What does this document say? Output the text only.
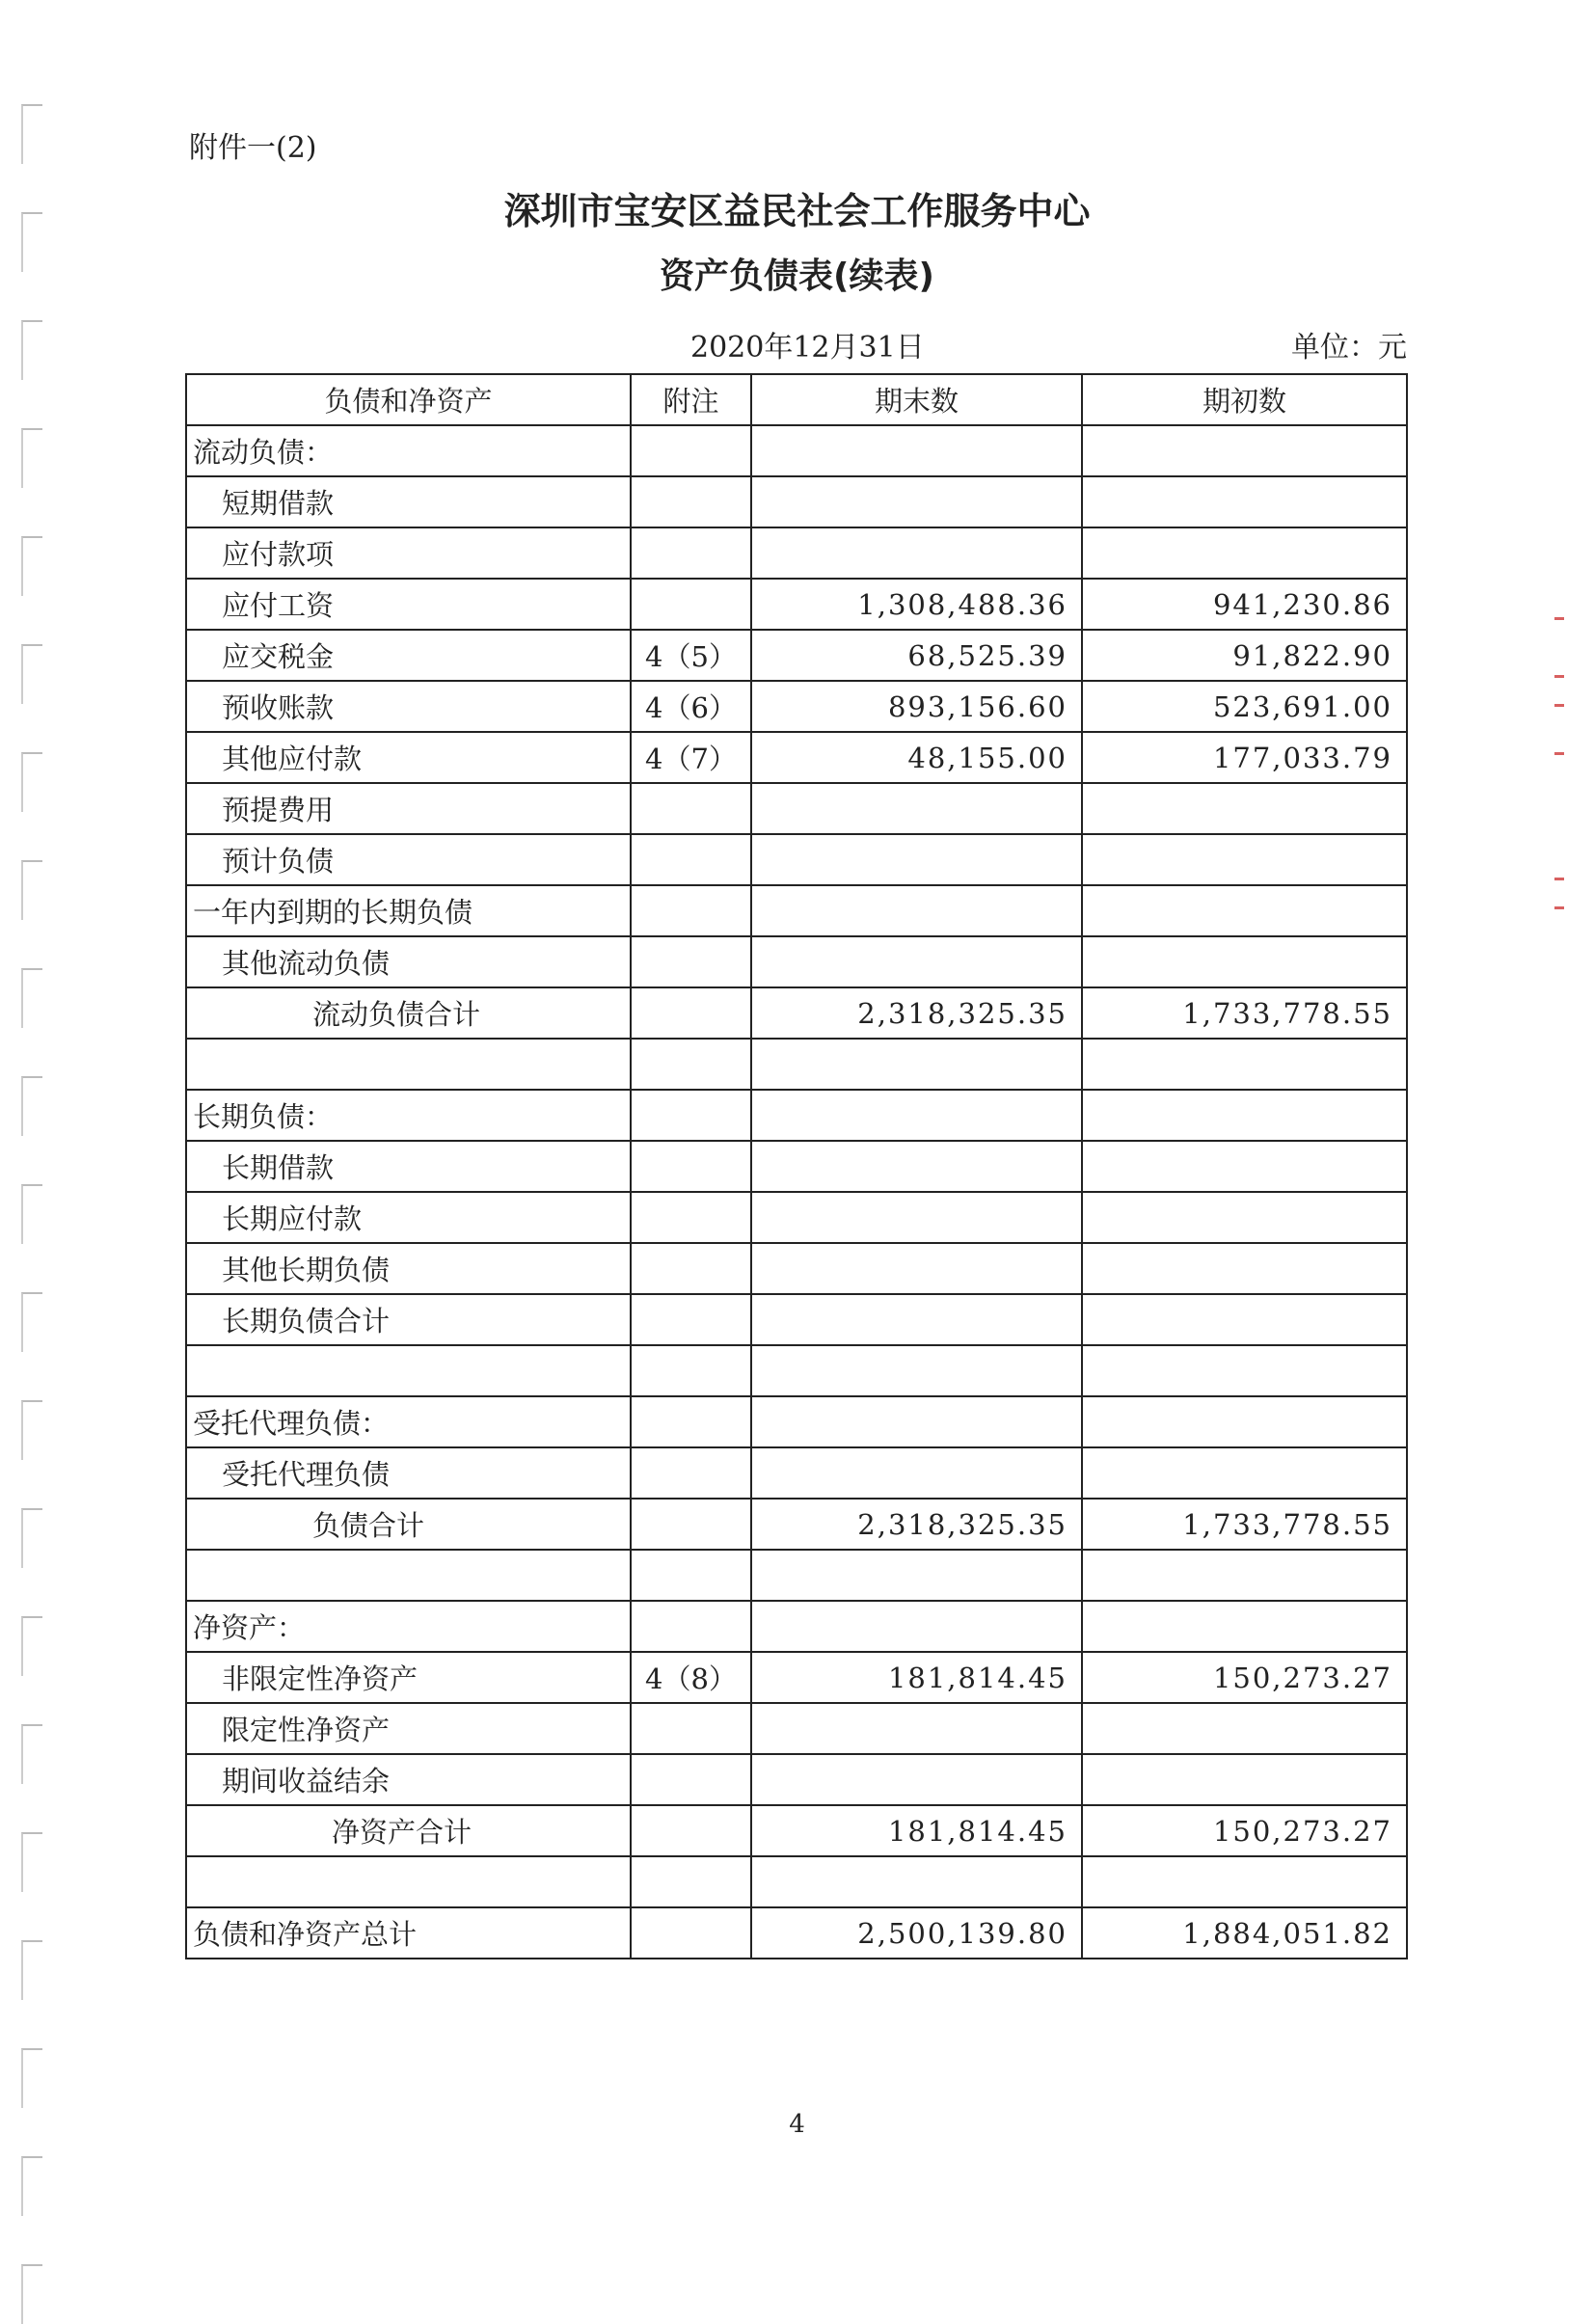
附件一(2)
深圳市宝安区益民社会工作服务中心
资产负债表(续表)
2020年12月31日	单位：元
负债和净资产	附注	期末数	期初数
流动负债：			
短期借款			
应付款项			
应付工资		1,308,488.36	941,230.86
应交税金	4（5）	68,525.39	91,822.90
预收账款	4（6）	893,156.60	523,691.00
其他应付款	4（7）	48,155.00	177,033.79
预提费用			
预计负债			
一年内到期的长期负债			
其他流动负债			
流动负债合计		2,318,325.35	1,733,778.55

长期负债：			
长期借款			
长期应付款			
其他长期负债			
长期负债合计			

受托代理负债：			
受托代理负债			
负债合计		2,318,325.35	1,733,778.55

净资产：			
非限定性净资产	4（8）	181,814.45	150,273.27
限定性净资产			
期间收益结余			
净资产合计		181,814.45	150,273.27

负债和净资产总计		2,500,139.80	1,884,051.82
4
